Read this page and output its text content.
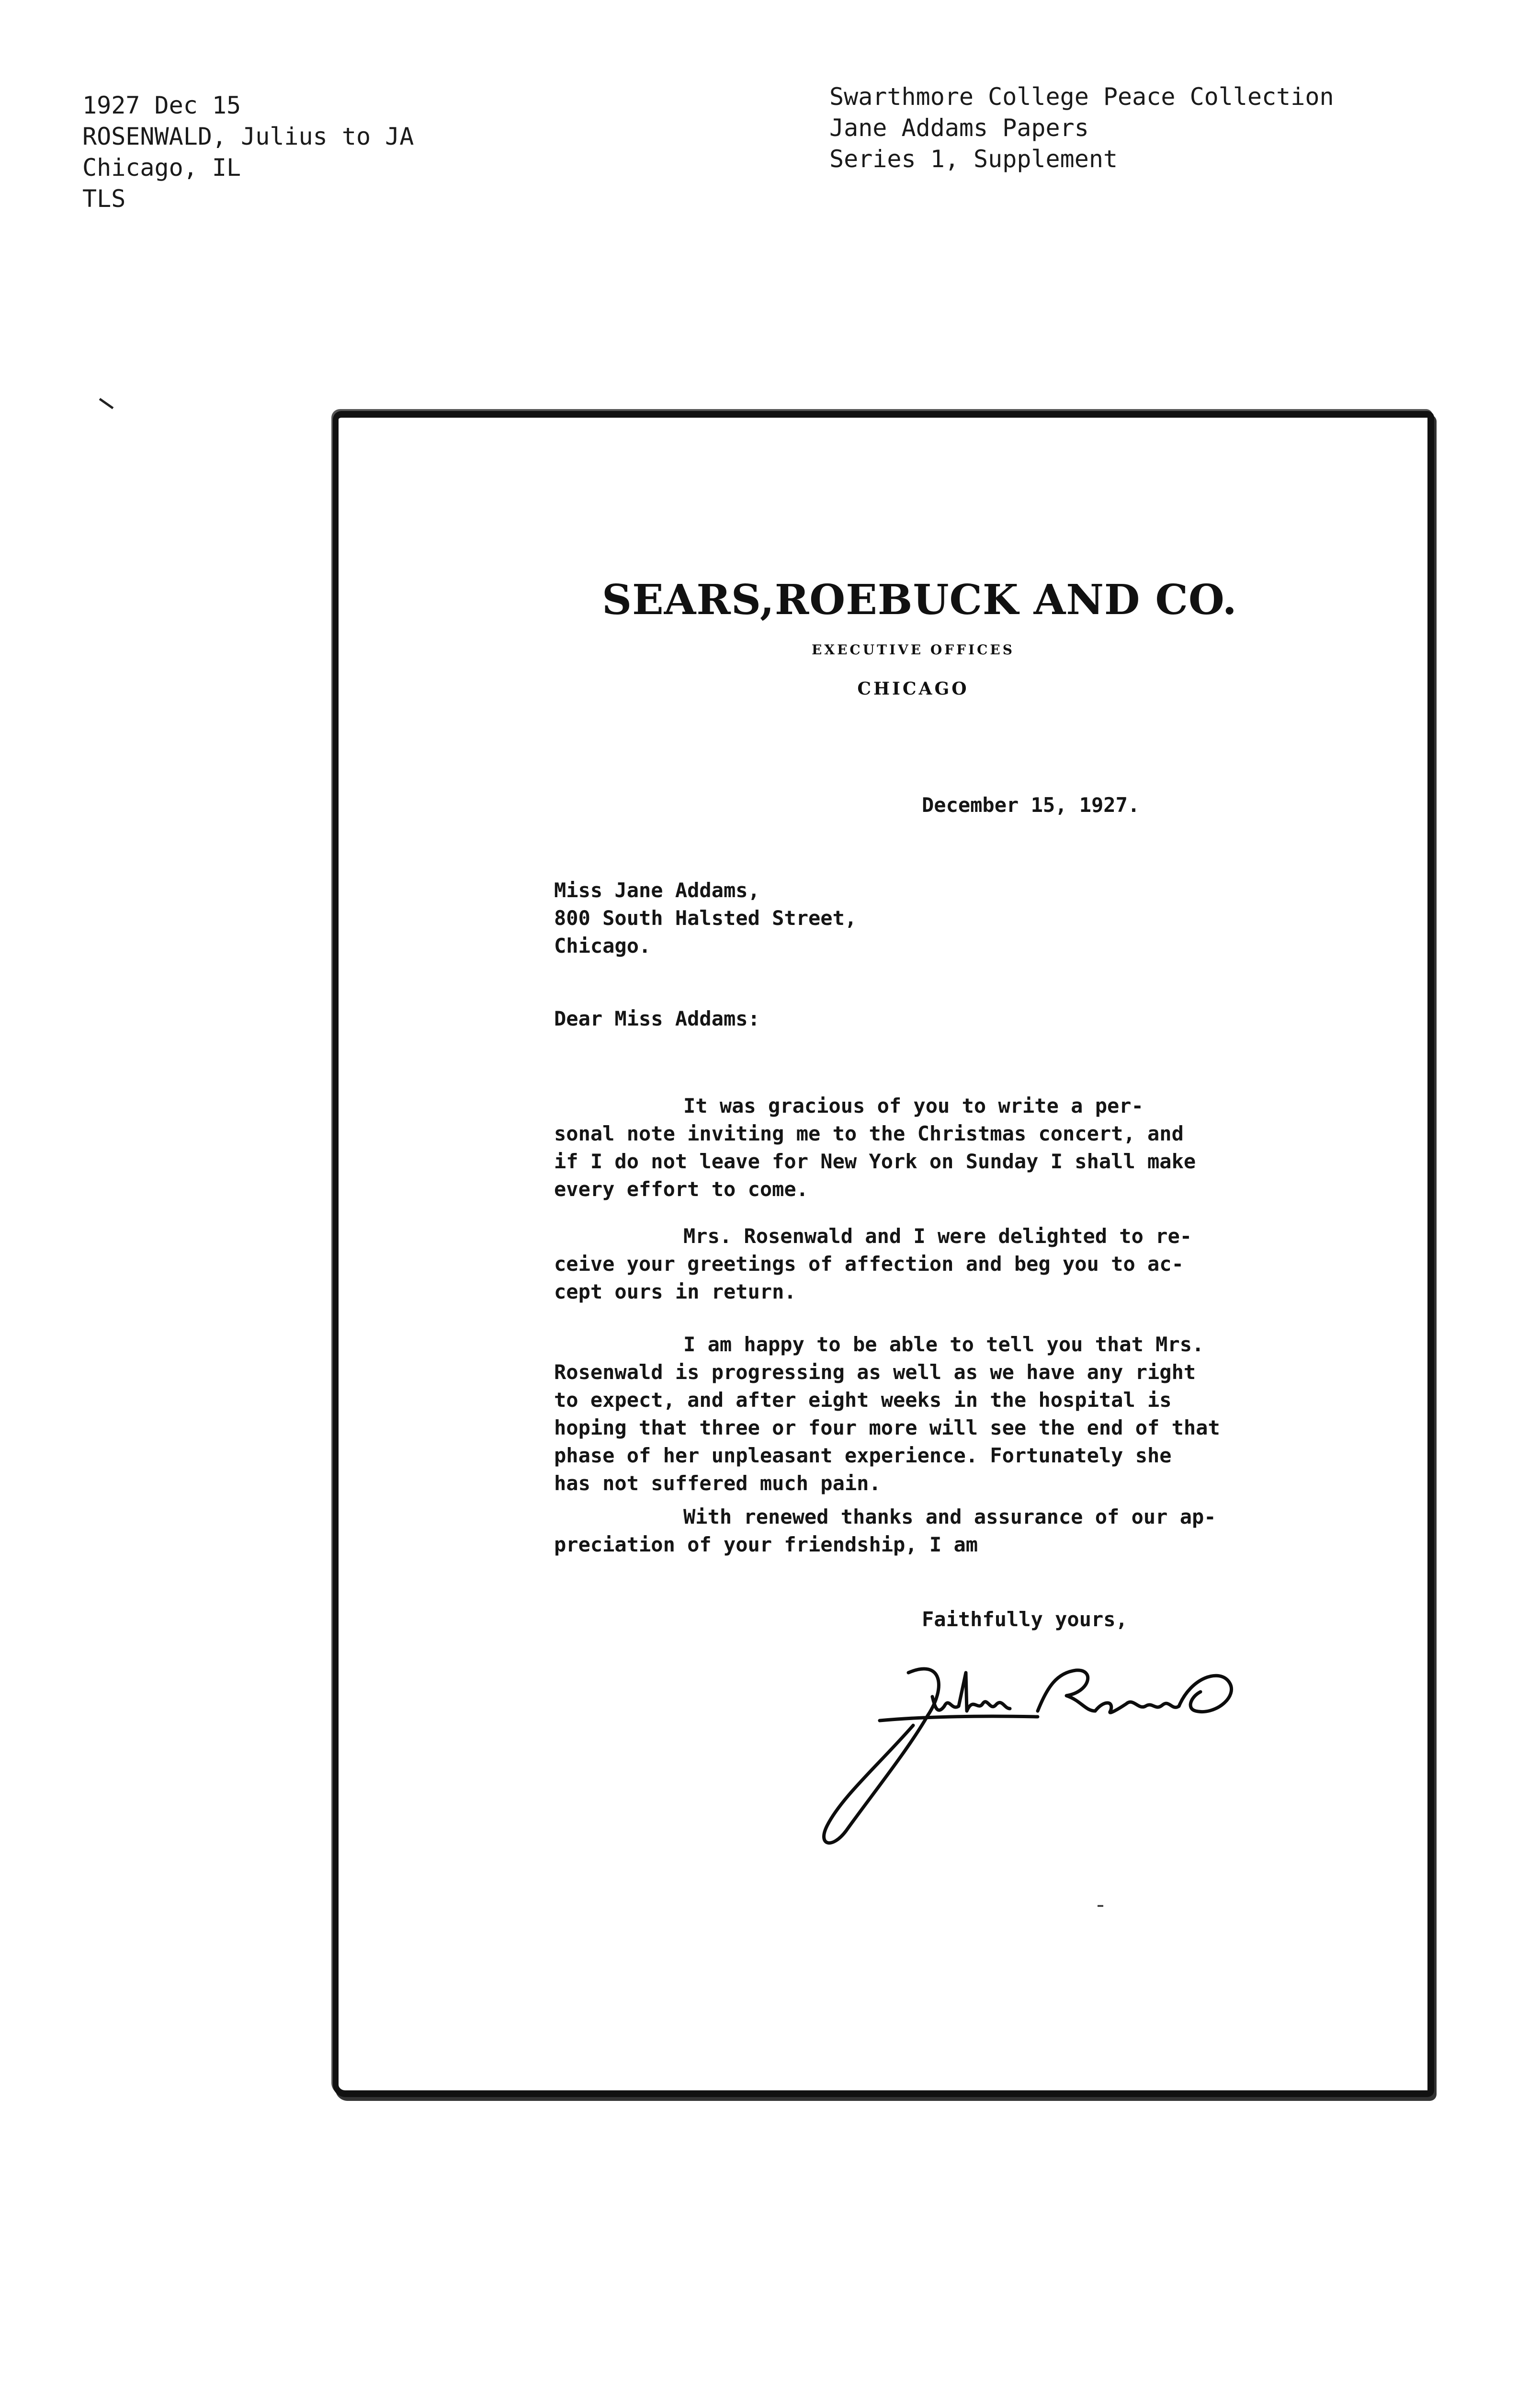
1927 Dec 15
ROSENWALD, Julius to JA
Chicago, IL
TLS
Swarthmore College Peace Collection
Jane Addams Papers
Series 1, Supplement
SEARS,ROEBUCK AND CO.
EXECUTIVE OFFICES
CHICAGO
December 15, 1927.
Miss Jane Addams,
800 South Halsted Street,
Chicago.
Dear Miss Addams:
It was gracious of you to write a per-
sonal note inviting me to the Christmas concert, and
if I do not leave for New York on Sunday I shall make
every effort to come.
Mrs. Rosenwald and I were delighted to re-
ceive your greetings of affection and beg you to ac-
cept ours in return.
I am happy to be able to tell you that Mrs.
Rosenwald is progressing as well as we have any right
to expect, and after eight weeks in the hospital is
hoping that three or four more will see the end of that
phase of her unpleasant experience. Fortunately she
has not suffered much pain.
With renewed thanks and assurance of our ap-
preciation of your friendship, I am
Faithfully yours,
